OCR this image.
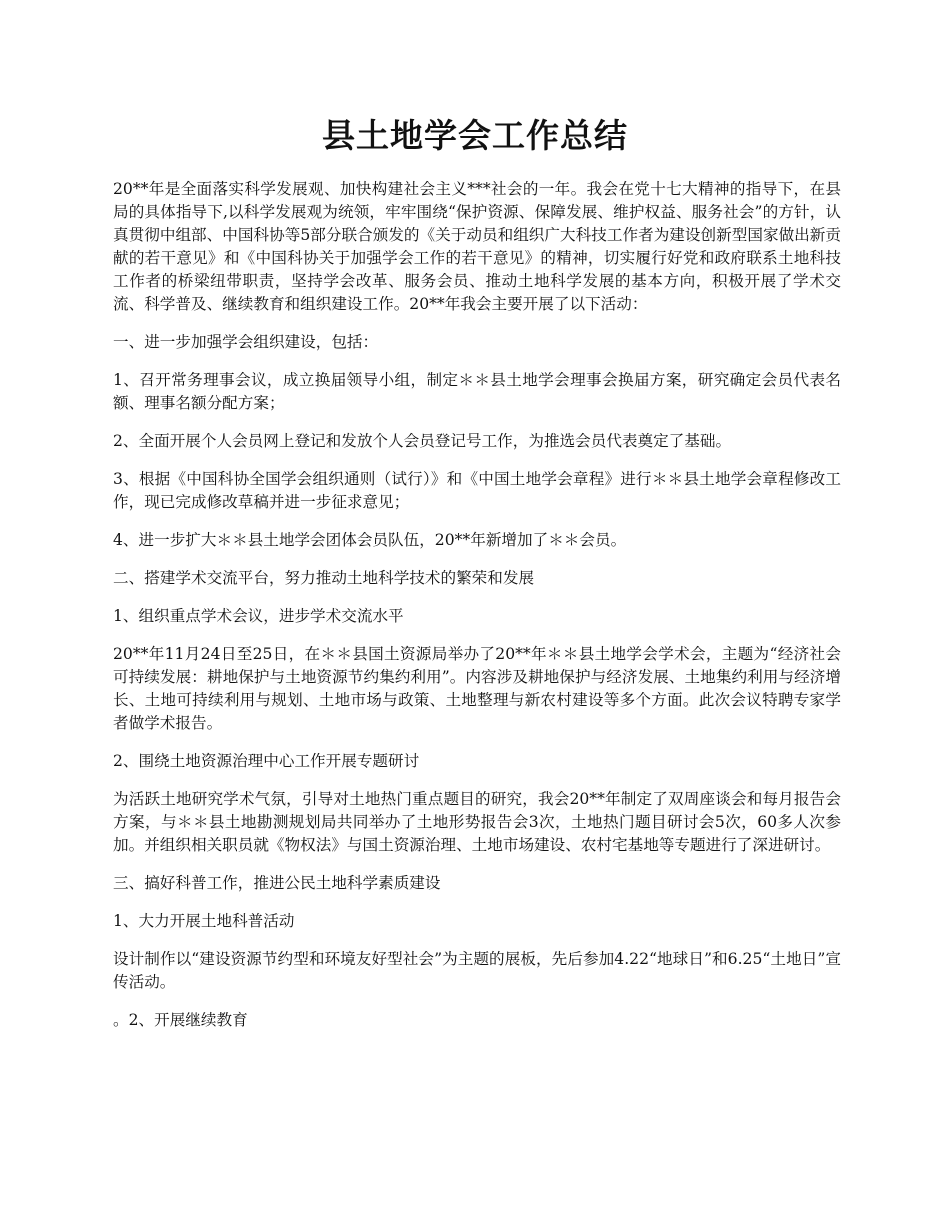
县土地学会工作总结

20**年是全面落实科学发展观、加快构建社会主义***社会的一年。我会在党十七大精神的指导下，在县局的具体指导下,以科学发展观为统领，牢牢围绕“保护资源、保障发展、维护权益、服务社会”的方针，认真贯彻中组部、中国科协等5部分联合颁发的《关于动员和组织广大科技工作者为建设创新型国家做出新贡献的若干意见》和《中国科协关于加强学会工作的若干意见》的精神，切实履行好党和政府联系土地科技工作者的桥梁纽带职责，坚持学会改革、服务会员、推动土地科学发展的基本方向，积极开展了学术交流、科学普及、继续教育和组织建设工作。20**年我会主要开展了以下活动：

一、进一步加强学会组织建设，包括：

1、召开常务理事会议，成立换届领导小组，制定＊＊县土地学会理事会换届方案，研究确定会员代表名额、理事名额分配方案；

2、全面开展个人会员网上登记和发放个人会员登记号工作，为推选会员代表奠定了基础。

3、根据《中国科协全国学会组织通则（试行）》和《中国土地学会章程》进行＊＊县土地学会章程修改工作，现已完成修改草稿并进一步征求意见；

4、进一步扩大＊＊县土地学会团体会员队伍，20**年新增加了＊＊会员。

二、搭建学术交流平台，努力推动土地科学技术的繁荣和发展

1、组织重点学术会议，进步学术交流水平

20**年11月24日至25日，在＊＊县国土资源局举办了20**年＊＊县土地学会学术会，主题为“经济社会可持续发展：耕地保护与土地资源节约集约利用”。内容涉及耕地保护与经济发展、土地集约利用与经济增长、土地可持续利用与规划、土地市场与政策、土地整理与新农村建设等多个方面。此次会议特聘专家学者做学术报告。

2、围绕土地资源治理中心工作开展专题研讨

为活跃土地研究学术气氛，引导对土地热门重点题目的研究，我会20**年制定了双周座谈会和每月报告会方案，与＊＊县土地勘测规划局共同举办了土地形势报告会3次，土地热门题目研讨会5次，60多人次参加。并组织相关职员就《物权法》与国土资源治理、土地市场建设、农村宅基地等专题进行了深进研讨。

三、搞好科普工作，推进公民土地科学素质建设

1、大力开展土地科普活动

设计制作以“建设资源节约型和环境友好型社会”为主题的展板，先后参加4.22“地球日”和6.25“土地日”宣传活动。

。2、开展继续教育
